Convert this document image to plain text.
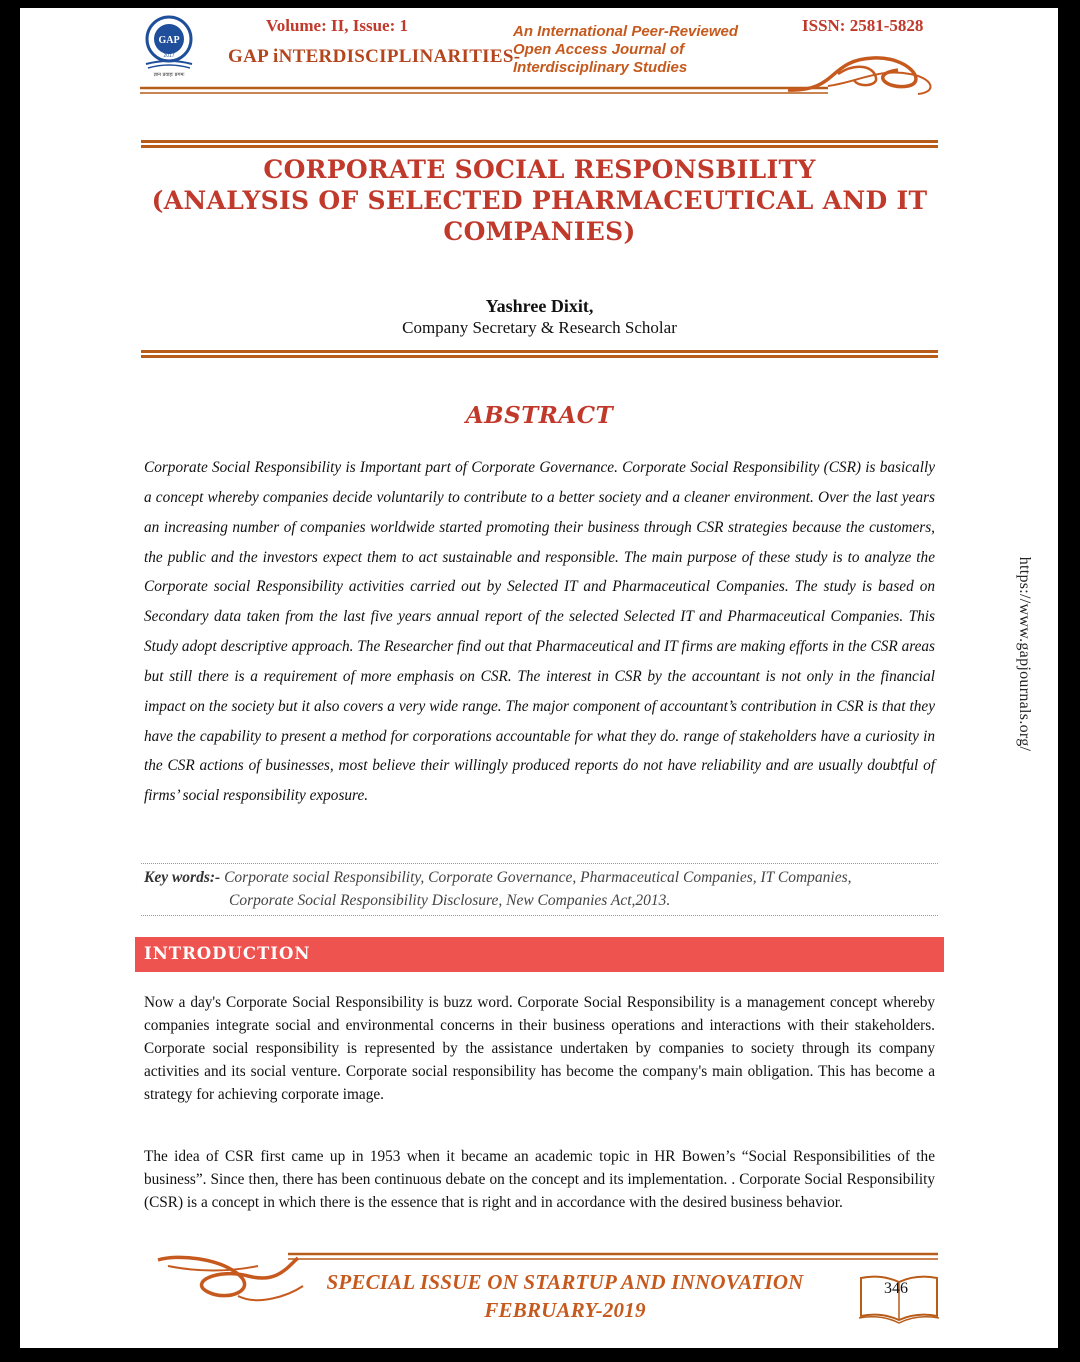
GAP
2017
ज्ञान प्रवाहः प्रगमः
Volume: II, Issue: 1
GAP iNTERDISCIPLINARITIES-
An International Peer-Reviewed
Open Access Journal of
Interdisciplinary Studies
ISSN: 2581-5828
CORPORATE SOCIAL RESPONSBILITY
(ANALYSIS OF SELECTED PHARMACEUTICAL AND IT
COMPANIES)
Yashree Dixit,
Company Secretary & Research Scholar
ABSTRACT
Corporate Social Responsibility is Important part of Corporate Governance. Corporate Social Responsibility (CSR) is basically a concept whereby companies decide voluntarily to contribute to a better society and a cleaner environment. Over the last years an increasing number of companies worldwide started promoting their business through CSR strategies because the customers, the public and the investors expect them to act sustainable and responsible. The main purpose of these study is to analyze the Corporate social Responsibility activities carried out by Selected IT and Pharmaceutical Companies. The study is based on Secondary data taken from the last five years annual report of the selected Selected IT and Pharmaceutical Companies. This Study adopt descriptive approach. The Researcher find out that Pharmaceutical and IT firms are making efforts in the CSR areas but still there is a requirement of more emphasis on CSR. The interest in CSR by the accountant is not only in the financial impact on the society but it also covers a very wide range. The major component of accountant’s contribution in CSR is that they have the capability to present a method for corporations accountable for what they do. range of stakeholders have a curiosity in the CSR actions of businesses, most believe their willingly produced reports do not have reliability and are usually doubtful of firms’ social responsibility exposure.
Key words:- Corporate social Responsibility, Corporate Governance, Pharmaceutical Companies, IT Companies,
Corporate Social Responsibility Disclosure, New Companies Act,2013.
INTRODUCTION
Now a day's Corporate Social Responsibility is buzz word. Corporate Social Responsibility is a management concept whereby companies integrate social and environmental concerns in their business operations and interactions with their stakeholders. Corporate social responsibility is represented by the assistance undertaken by companies to society through its company activities and its social venture. Corporate social responsibility has become the company's main obligation. This has become a strategy for achieving corporate image.
The idea of CSR first came up in 1953 when it became an academic topic in HR Bowen’s “Social Responsibilities of the business”. Since then, there has been continuous debate on the concept and its implementation. . Corporate Social Responsibility (CSR) is a concept in which there is the essence that is right and in accordance with the desired business behavior.
https://www.gapjournals.org/
SPECIAL ISSUE ON STARTUP AND INNOVATION
FEBRUARY-2019
346
